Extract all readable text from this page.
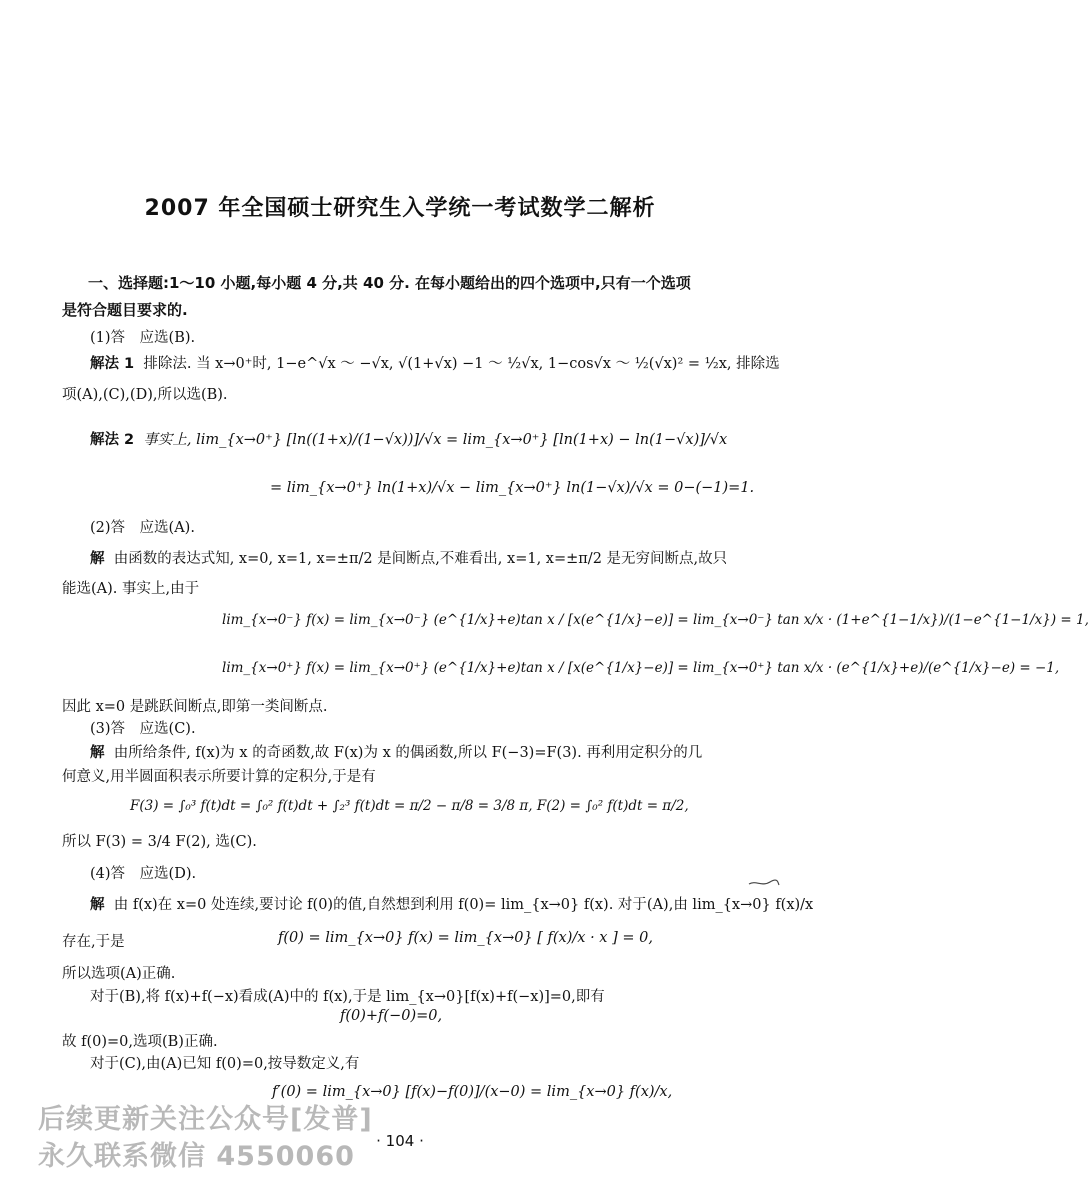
2007 年全国硕士研究生入学统一考试数学二解析
一、选择题:1～10 小题,每小题 4 分,共 40 分. 在每小题给出的四个选项中,只有一个选项
是符合题目要求的.
(1)答　应选(B).
解法 1 排除法. 当 x→0⁺时, 1−e^√x ～ −√x, √(1+√x) −1 ～ ½√x, 1−cos√x ～ ½(√x)² = ½x, 排除选
项(A),(C),(D),所以选(B).
解法 2 事实上, lim_{x→0⁺} [ln((1+x)/(1−√x))]/√x = lim_{x→0⁺} [ln(1+x) − ln(1−√x)]/√x
= lim_{x→0⁺} ln(1+x)/√x − lim_{x→0⁺} ln(1−√x)/√x = 0−(−1)=1.
(2)答　应选(A).
解 由函数的表达式知, x=0, x=1, x=±π/2 是间断点,不难看出, x=1, x=±π/2 是无穷间断点,故只
能选(A). 事实上,由于
lim_{x→0⁻} f(x) = lim_{x→0⁻} (e^{1/x}+e)tan x / [x(e^{1/x}−e)] = lim_{x→0⁻} tan x/x · (1+e^{1−1/x})/(1−e^{1−1/x}) = 1,
lim_{x→0⁺} f(x) = lim_{x→0⁺} (e^{1/x}+e)tan x / [x(e^{1/x}−e)] = lim_{x→0⁺} tan x/x · (e^{1/x}+e)/(e^{1/x}−e) = −1,
因此 x=0 是跳跃间断点,即第一类间断点.
(3)答　应选(C).
解 由所给条件, f(x)为 x 的奇函数,故 F(x)为 x 的偶函数,所以 F(−3)=F(3). 再利用定积分的几
何意义,用半圆面积表示所要计算的定积分,于是有
F(3) = ∫₀³ f(t)dt = ∫₀² f(t)dt + ∫₂³ f(t)dt = π/2 − π/8 = 3/8 π, F(2) = ∫₀² f(t)dt = π/2,
所以 F(3) = 3/4 F(2), 选(C).
(4)答　应选(D).
解 由 f(x)在 x=0 处连续,要讨论 f(0)的值,自然想到利用 f(0)= lim_{x→0} f(x). 对于(A),由 lim_{x→0} f(x)/x
存在,于是	f(0) = lim_{x→0} f(x) = lim_{x→0} [ f(x)/x · x ] = 0,
所以选项(A)正确.
对于(B),将 f(x)+f(−x)看成(A)中的 f(x),于是 lim_{x→0}[f(x)+f(−x)]=0,即有
f(0)+f(−0)=0,
故 f(0)=0,选项(B)正确.
对于(C),由(A)已知 f(0)=0,按导数定义,有
f′(0) = lim_{x→0} [f(x)−f(0)]/(x−0) = lim_{x→0} f(x)/x,
后续更新关注公众号[发普]
永久联系微信 4550060	· 104 ·
